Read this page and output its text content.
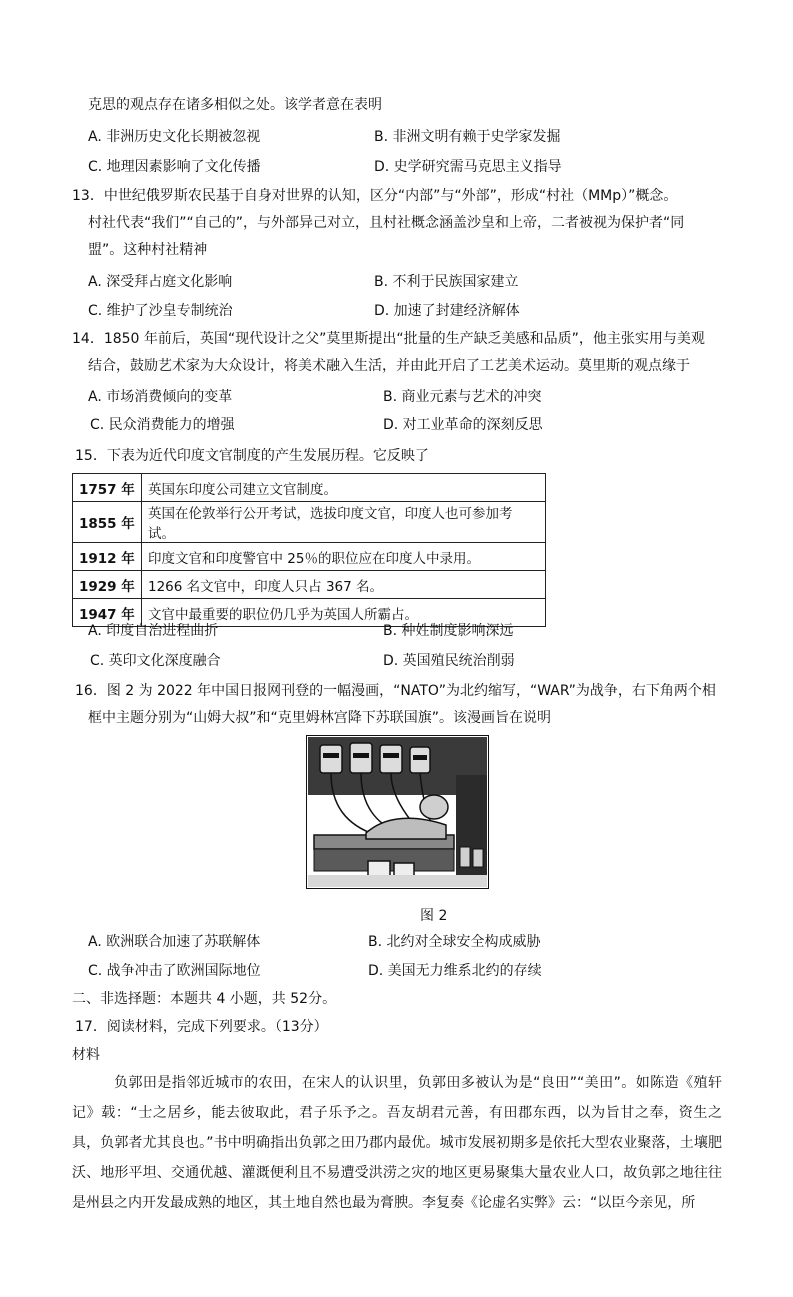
克思的观点存在诸多相似之处。该学者意在表明
A. 非洲历史文化长期被忽视	B. 非洲文明有赖于史学家发掘
C. 地理因素影响了文化传播	D. 史学研究需马克思主义指导
13．中世纪俄罗斯农民基于自身对世界的认知，区分“内部”与“外部”，形成“村社（MMp）”概念。
村社代表“我们”“自己的”，与外部异己对立，且村社概念涵盖沙皇和上帝，二者被视为保护者“同
盟”。这种村社精神
A. 深受拜占庭文化影响	B. 不利于民族国家建立
C. 维护了沙皇专制统治	D. 加速了封建经济解体
14．1850 年前后，英国“现代设计之父”莫里斯提出“批量的生产缺乏美感和品质”，他主张实用与美观
结合，鼓励艺术家为大众设计，将美术融入生活，并由此开启了工艺美术运动。莫里斯的观点缘于
A. 市场消费倾向的变革	B. 商业元素与艺术的冲突
C. 民众消费能力的增强	D. 对工业革命的深刻反思
15．下表为近代印度文官制度的产生发展历程。它反映了
1757 年	英国东印度公司建立文官制度。
1855 年	英国在伦敦举行公开考试，选拔印度文官，印度人也可参加考试。
1912 年	印度文官和印度警官中 25％的职位应在印度人中录用。
1929 年	1266 名文官中，印度人只占 367 名。
1947 年	文官中最重要的职位仍几乎为英国人所霸占。
A. 印度自治进程曲折	B. 种姓制度影响深远
C. 英印文化深度融合	D. 英国殖民统治削弱
16．图 2 为 2022 年中国日报网刊登的一幅漫画，“NATO”为北约缩写，“WAR”为战争，右下角两个相
框中主题分别为“山姆大叔”和“克里姆林宫降下苏联国旗”。该漫画旨在说明
图 2
A. 欧洲联合加速了苏联解体	B. 北约对全球安全构成威胁
C. 战争冲击了欧洲国际地位	D. 美国无力维系北约的存续
二、非选择题：本题共 4 小题，共 52分。
17．阅读材料，完成下列要求。（13分）
材料
负郭田是指邻近城市的农田，在宋人的认识里，负郭田多被认为是“良田”“美田”。如陈造《殖轩记》载：“士之居乡，能去彼取此，君子乐予之。吾友胡君元善，有田郡东西，以为旨甘之奉，资生之具，负郭者尤其良也。”书中明确指出负郭之田乃郡内最优。城市发展初期多是依托大型农业聚落，土壤肥沃、地形平坦、交通优越、灌溉便利且不易遭受洪涝之灾的地区更易聚集大量农业人口，故负郭之地往往是州县之内开发最成熟的地区，其土地自然也最为膏腴。李复奏《论虚名实弊》云：“以臣今亲见，所
